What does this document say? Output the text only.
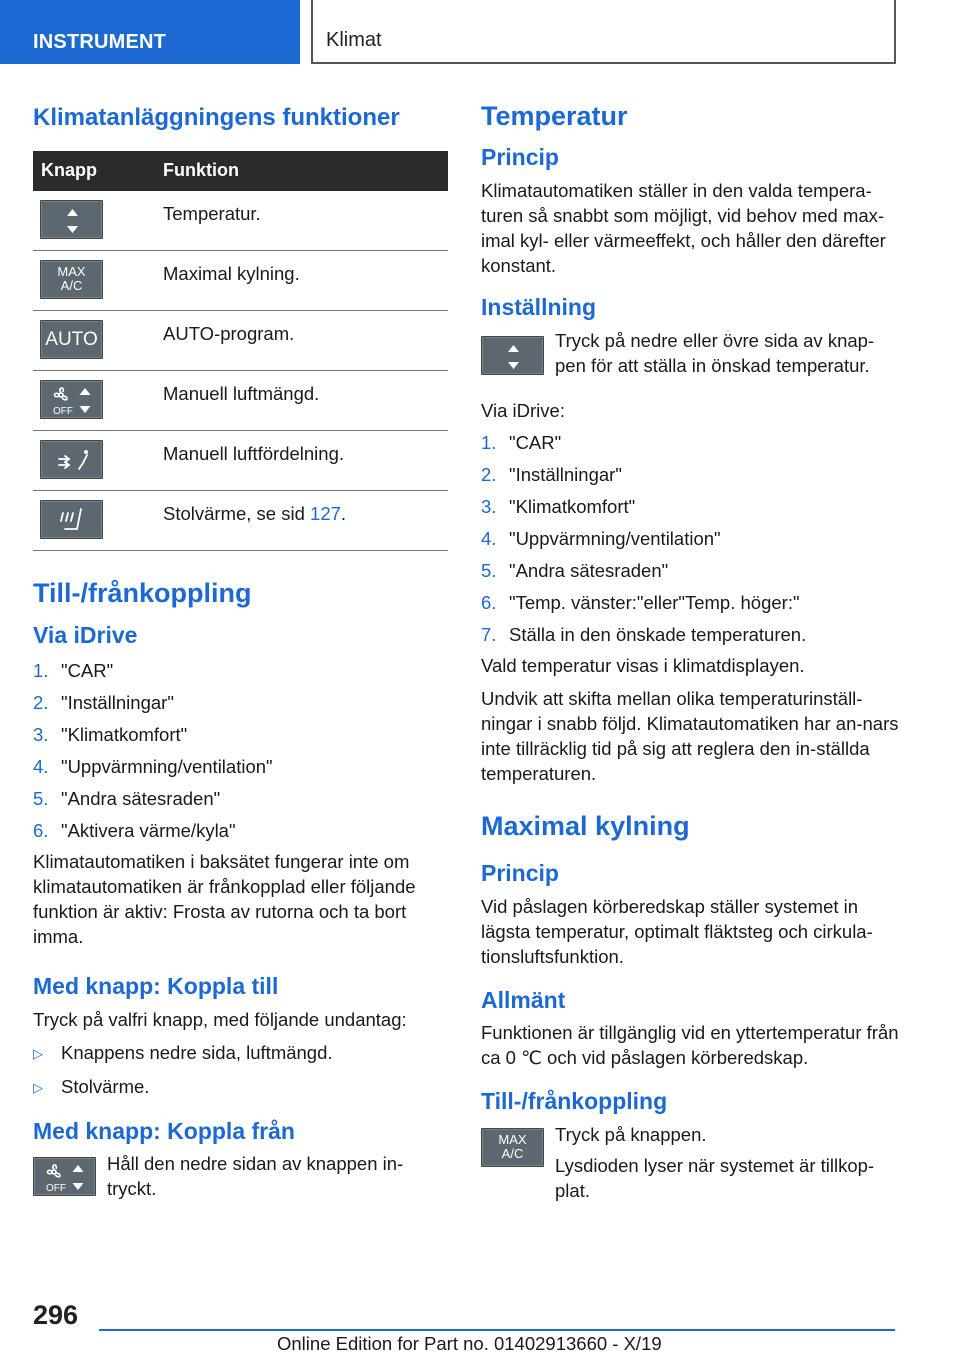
INSTRUMENT	Klimat
Klimatanläggningens funktioner
Knapp	Funktion

	Temperatur.

MAX
A/C	Maximal kylning.

AUTO	AUTO-program.

OFF	Manuell luftmängd.

	Manuell luftfördelning.

	Stolvärme, se sid 127.
Till-/frånkoppling
Via iDrive
1. "CAR"
2. "Inställningar"
3. "Klimatkomfort"
4. "Uppvärmning/ventilation"
5. "Andra sätesraden"
6. "Aktivera värme/kyla"

Klimatautomatiken i baksätet fungerar inte om klimatautomatiken är frånkopplad eller följande funktion är aktiv: Frosta av rutorna och ta bort imma.

Med knapp: Koppla till

Tryck på valfri knapp, med följande undantag:

▷ Knappens nedre sida, luftmängd.
▷ Stolvärme.
Med knapp: Koppla från
OFF
Håll den nedre sidan av knappen in-tryckt.
Temperatur
Princip

Klimatautomatiken ställer in den valda tempera-turen så snabbt som möjligt, vid behov med max-imal kyl- eller värmeeffekt, och håller den därefter konstant.

Inställning
Tryck på nedre eller övre sida av knap-pen för att ställa in önskad temperatur.

Via iDrive:

1. "CAR"
2. "Inställningar"
3. "Klimatkomfort"
4. "Uppvärmning/ventilation"
5. "Andra sätesraden"
6. "Temp. vänster:"eller"Temp. höger:"
7. Ställa in den önskade temperaturen.

Vald temperatur visas i klimatdisplayen.

Undvik att skifta mellan olika temperaturinställ-ningar i snabb följd. Klimatautomatiken har an-nars inte tillräcklig tid på sig att reglera den in-ställda temperaturen.

Maximal kylning
Princip

Vid påslagen körberedskap ställer systemet in lägsta temperatur, optimalt fläktsteg och cirkula-tionsluftsfunktion.

Allmänt

Funktionen är tillgänglig vid en yttertemperatur från ca 0 ℃ och vid påslagen körberedskap.

Till-/frånkoppling
MAX
A/C
Tryck på knappen.
Lysdioden lyser när systemet är tillkop-plat.
296
Online Edition for Part no. 01402913660 - X/19
